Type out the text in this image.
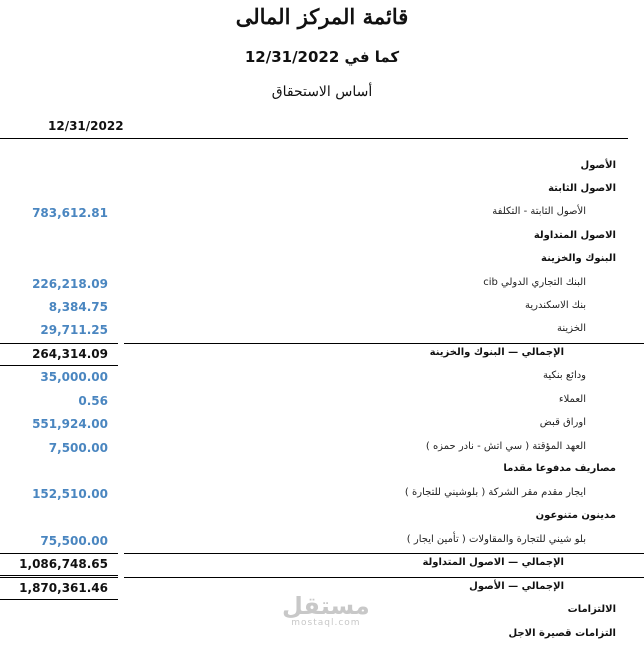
قائمة المركز المالى
كما في 12/31/2022
أساس الاستحقاق
12/31/2022
الأصول
الاصول الثابتة
الأصول الثابتة - التكلفة
783,612.81
الاصول المتداولة
البنوك والخزينة
البنك التجاري الدولي cib
226,218.09
بنك الاسكندرية
8,384.75
الخزينة
29,711.25
الإجمالي — البنوك والخزينة
264,314.09
ودائع بنكية
35,000.00
العملاء
0.56
اوراق قبض
551,924.00
العهد المؤقتة ( سي اتش - نادر حمزه )
7,500.00
مصاريف مدفوعا مقدما
ايجار مقدم مقر الشركة ( بلوشيني للتجارة )
152,510.00
مدينون متنوعون
بلو شيني للتجارة والمقاولات ( تأمين ايجار )
75,500.00
الإجمالي — الاصول المتداولة
1,086,748.65
الإجمالي — الأصول
1,870,361.46
الالتزامات
التزامات قصيرة الاجل
مستقل
mostaql.com
